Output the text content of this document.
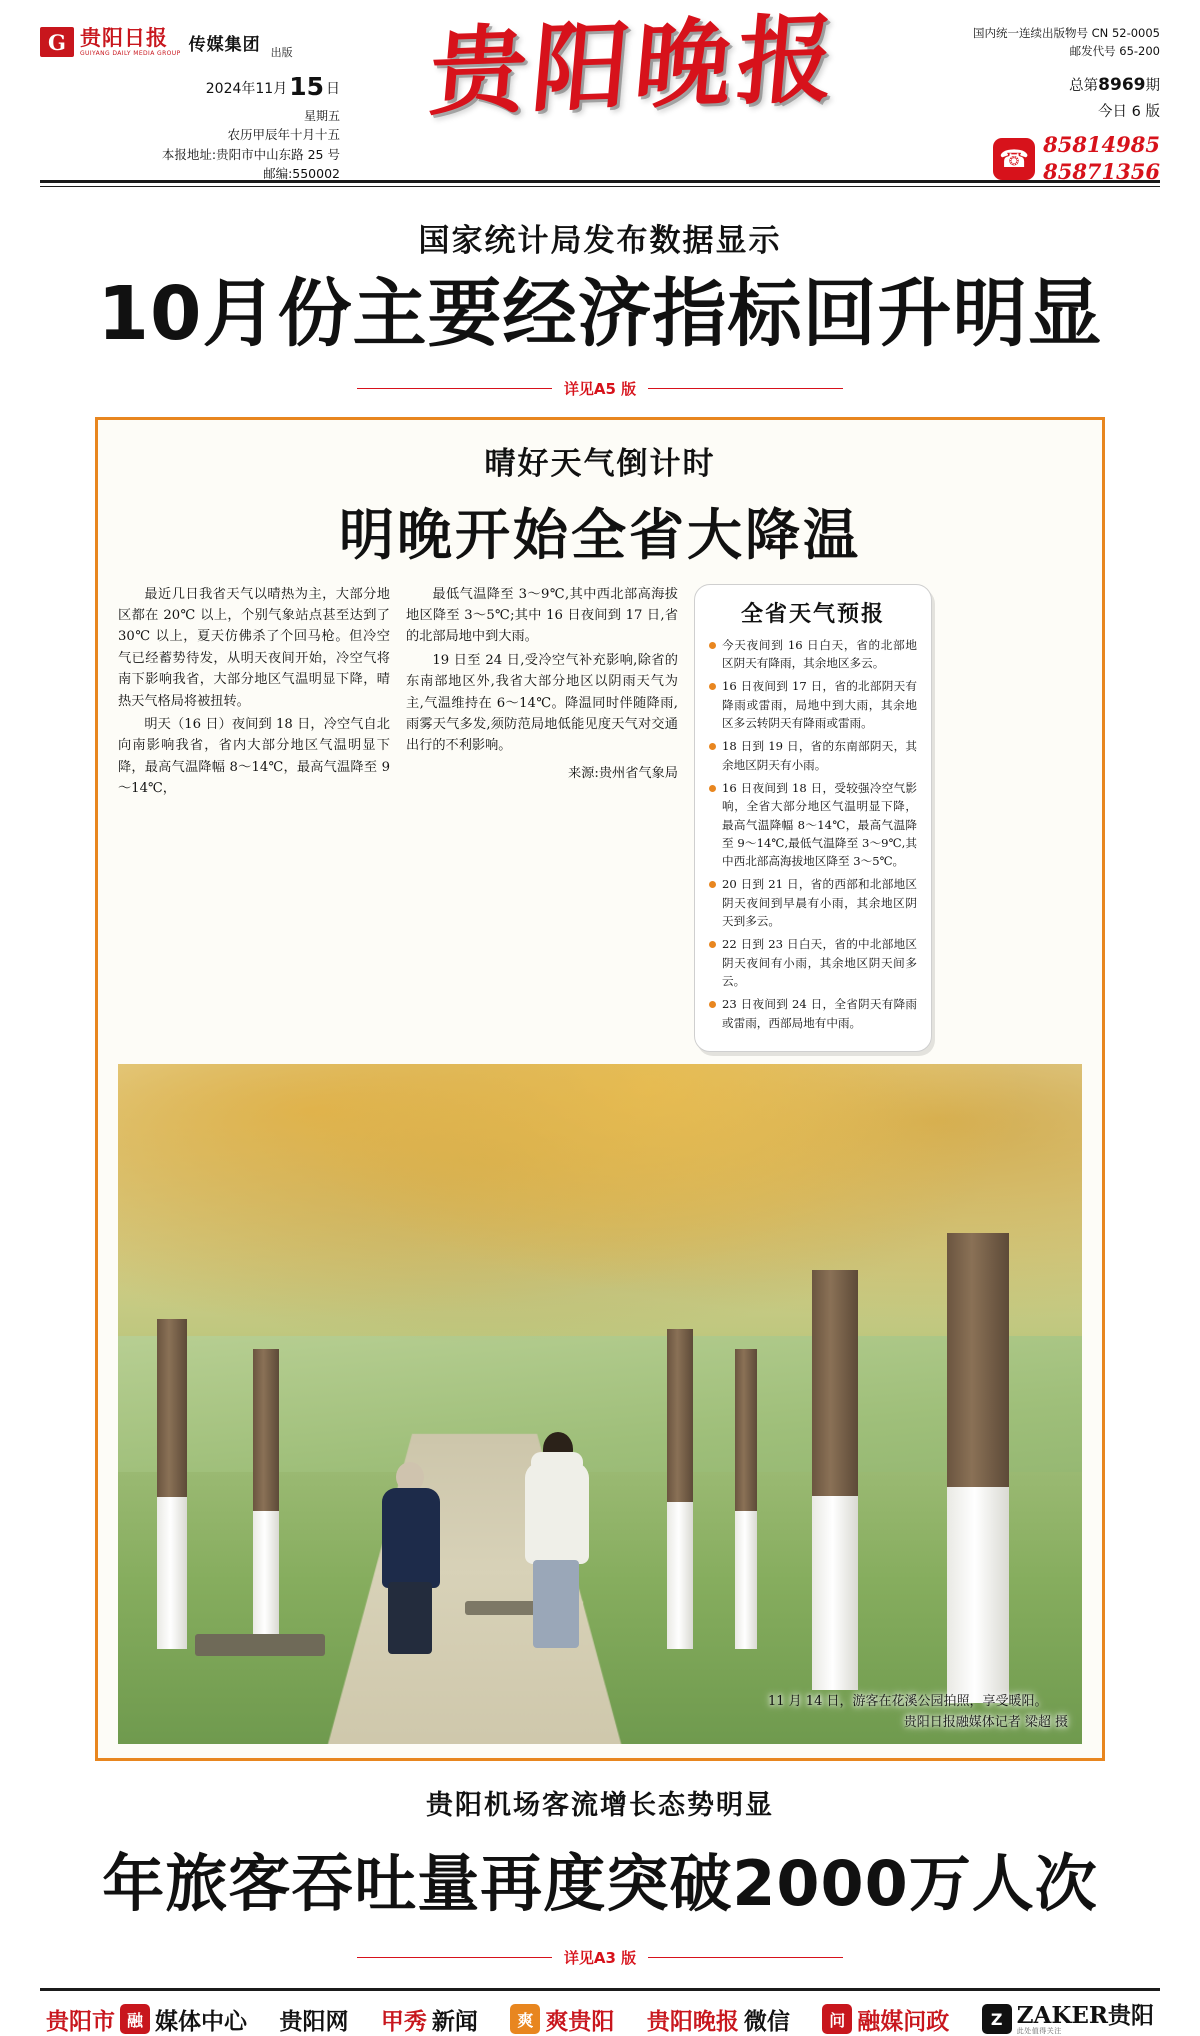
G 贵阳日报
GUIYANG DAILY MEDIA GROUP 传媒集团 出版
2024年11月15 日
星期五
农历甲辰年十月十五
本报地址:贵阳市中山东路 25 号
邮编:550002
贵阳晚报	国内统一连续出版物号 CN 52-0005
邮发代号 65-200
总第8969期
今日 6 版
☎ 85814985
85871356
国家统计局发布数据显示
10月份主要经济指标回升明显
详见A5 版
晴好天气倒计时
明晚开始全省大降温

最近几日我省天气以晴热为主，大部分地区都在 20℃ 以上，个别气象站点甚至达到了 30℃ 以上，夏天仿佛杀了个回马枪。但冷空气已经蓄势待发，从明天夜间开始，冷空气将南下影响我省，大部分地区气温明显下降，晴热天气格局将被扭转。

明天（16 日）夜间到 18 日，冷空气自北向南影响我省，省内大部分地区气温明显下降，最高气温降幅 8～14℃，最高气温降至 9～14℃，

最低气温降至 3～9℃,其中西北部高海拔地区降至 3～5℃;其中 16 日夜间到 17 日,省的北部局地中到大雨。

19 日至 24 日,受冷空气补充影响,除省的东南部地区外,我省大部分地区以阴雨天气为主,气温维持在 6～14℃。降温同时伴随降雨,雨雾天气多发,须防范局地低能见度天气对交通出行的不利影响。

来源:贵州省气象局

全省天气预报
今天夜间到 16 日白天，省的北部地区阴天有降雨，其余地区多云。
16 日夜间到 17 日，省的北部阴天有降雨或雷雨，局地中到大雨，其余地区多云转阴天有降雨或雷雨。
18 日到 19 日，省的东南部阴天，其余地区阴天有小雨。
16 日夜间到 18 日，受较强冷空气影响，全省大部分地区气温明显下降，最高气温降幅 8～14℃，最高气温降至 9～14℃,最低气温降至 3～9℃,其中西北部高海拔地区降至 3～5℃。
20 日到 21 日，省的西部和北部地区阴天夜间到早晨有小雨，其余地区阴天到多云。
22 日到 23 日白天，省的中北部地区阴天夜间有小雨，其余地区阴天间多云。
23 日夜间到 24 日，全省阴天有降雨或雷雨，西部局地有中雨。
11 月 14 日，游客在花溪公园拍照，享受暖阳。
贵阳日报融媒体记者 梁超 摄
贵阳机场客流增长态势明显
年旅客吞吐量再度突破2000万人次
详见A3 版
贵阳市 融 媒体中心 贵阳网 甲秀 新闻	爽 爽贵阳 贵阳晚报 微信	问 融媒问政	Z ZAKER贵阳
此处值得关注
